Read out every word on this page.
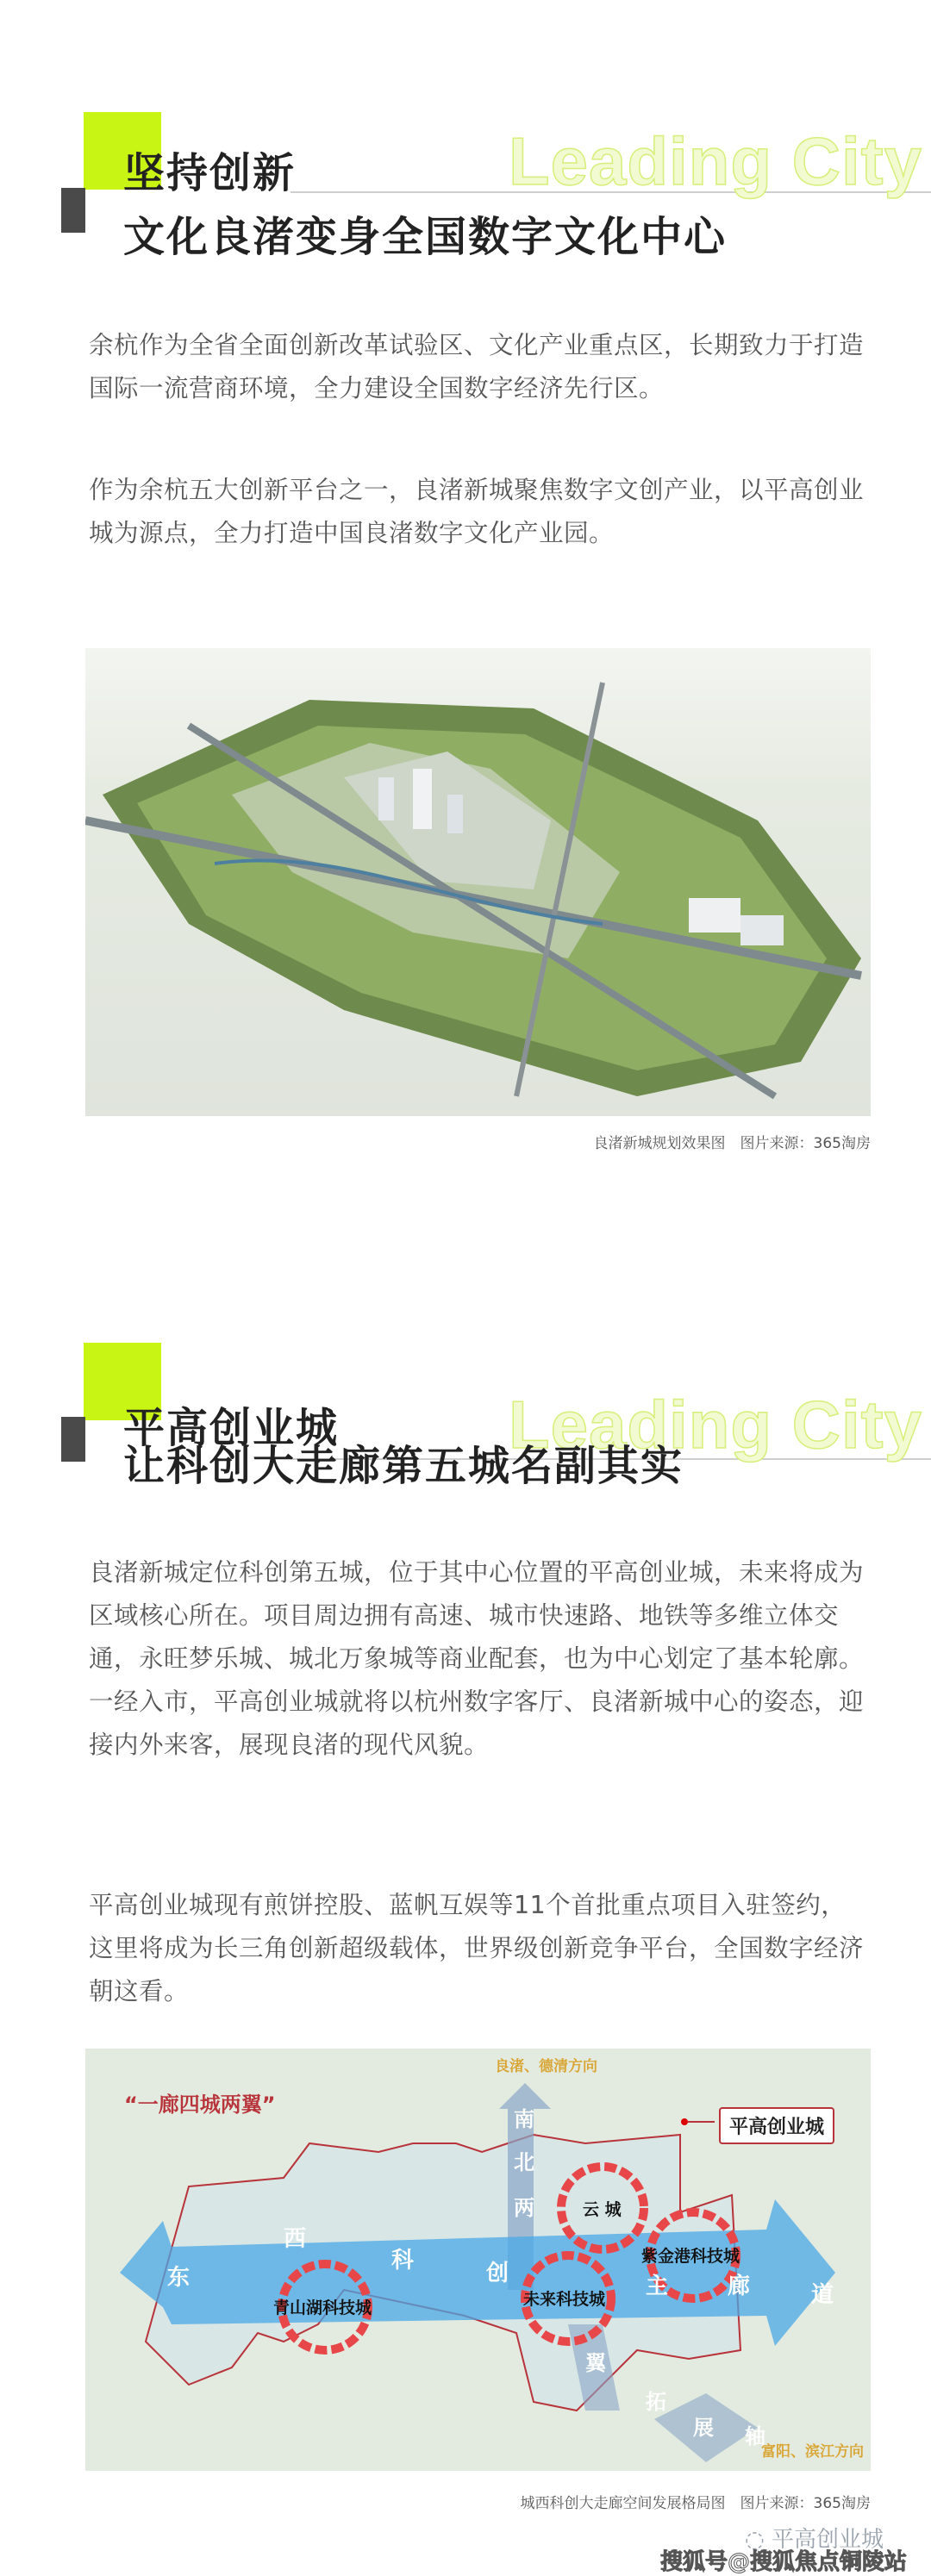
Leading City
坚持创新
文化良渚变身全国数字文化中心

余杭作为全省全面创新改革试验区、文化产业重点区，长期致力于打造国际一流营商环境，全力建设全国数字经济先行区。

作为余杭五大创新平台之一，良渚新城聚焦数字文创产业，以平高创业城为源点，全力打造中国良渚数字文化产业园。

良渚新城规划效果图　图片来源：365淘房
Leading City
平高创业城
让科创大走廊第五城名副其实

良渚新城定位科创第五城，位于其中心位置的平高创业城，未来将成为区域核心所在。项目周边拥有高速、城市快速路、地铁等多维立体交通，永旺梦乐城、城北万象城等商业配套，也为中心划定了基本轮廓。一经入市，平高创业城就将以杭州数字客厅、良渚新城中心的姿态，迎接内外来客，展现良渚的现代风貌。

平高创业城现有煎饼控股、蓝帆互娱等11个首批重点项目入驻签约，这里将成为长三角创新超级载体，世界级创新竞争平台，全国数字经济朝这看。

“一廊四城两翼”
良渚、德清方向
富阳、滨江方向
平高创业城
东
西
科	创	主	廊	道
南
北
两
翼
拓
展 轴
青山湖科技城	未来科技城
云 城
紫金港科技城
城西科创大走廊空间发展格局图　图片来源：365淘房
◌ 平高创业城
搜狐号@搜狐焦点铜陵站
